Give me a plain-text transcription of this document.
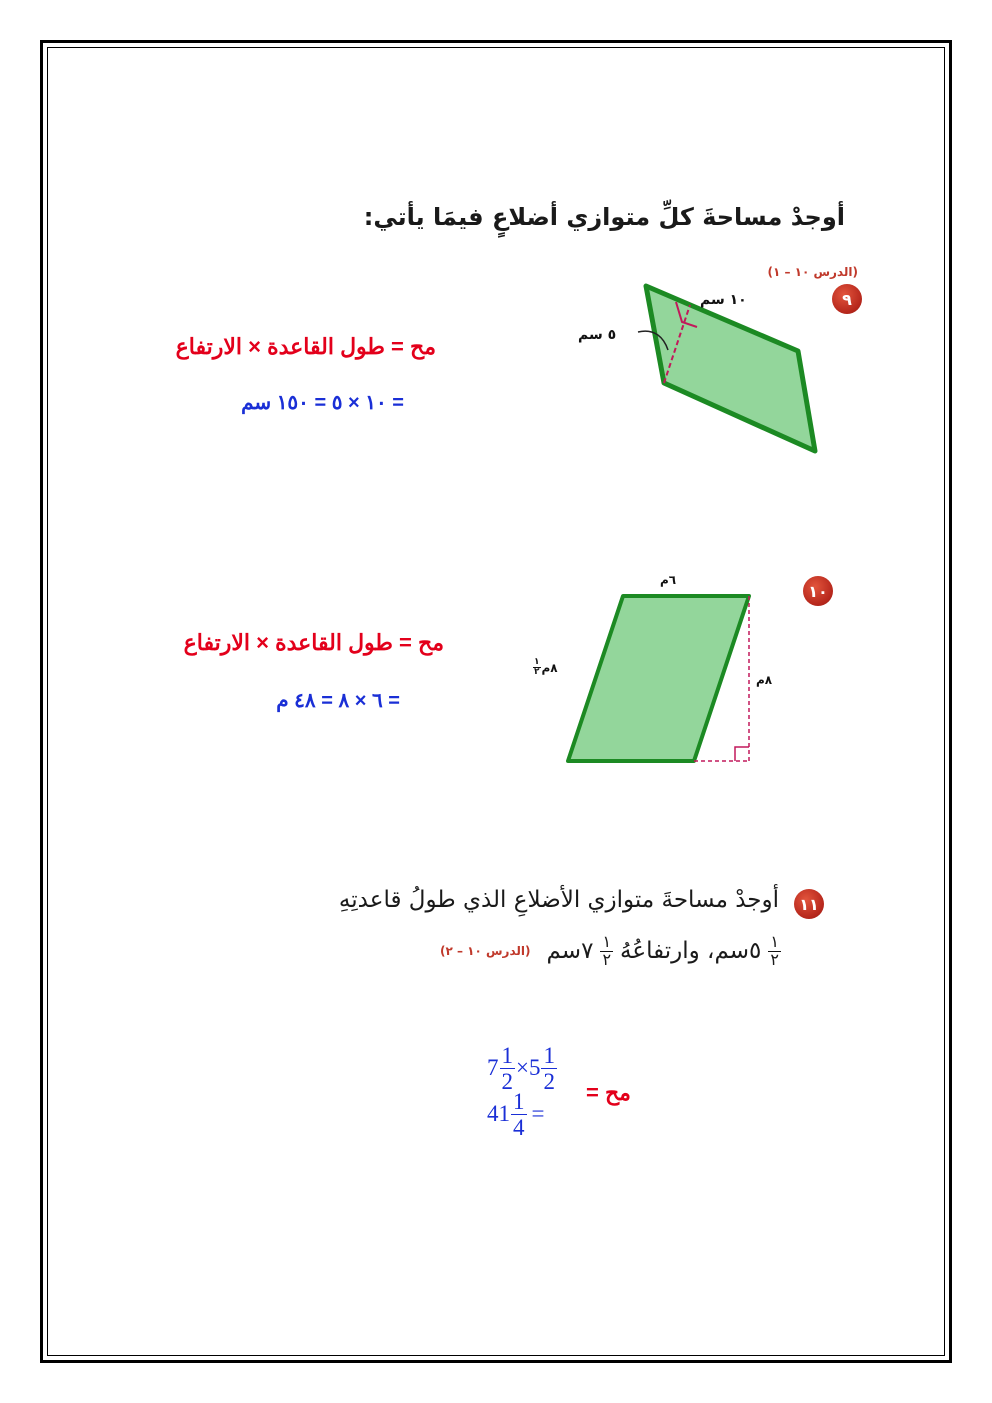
أوجدْ مساحةَ كلِّ متوازي أضلاعٍ فيمَا يأتي:
(الدرس ١٠ – ١)
٩
١٠ سم
٥ سم
مح = طول القاعدة × الارتفاع
= ١٠ × ٥ = ١٥٠ سم
١٠
٦م
٨م
٨م
$\frac{١}{٢}$
مح = طول القاعدة × الارتفاع
= ٦ × ٨ = ٤٨ م
١١
أوجدْ مساحةَ متوازي الأضلاعِ الذي طولُ قاعدتِهِ
$\frac{١}{٢}$
٥سم، وارتفاعُهُ
$\frac{١}{٢}$
٧سم
(الدرس ١٠ – ٢)
$7 \frac{1}{2} \times 5 \frac{1}{2}$
$41 \frac{1}{4}$ =
مح =
